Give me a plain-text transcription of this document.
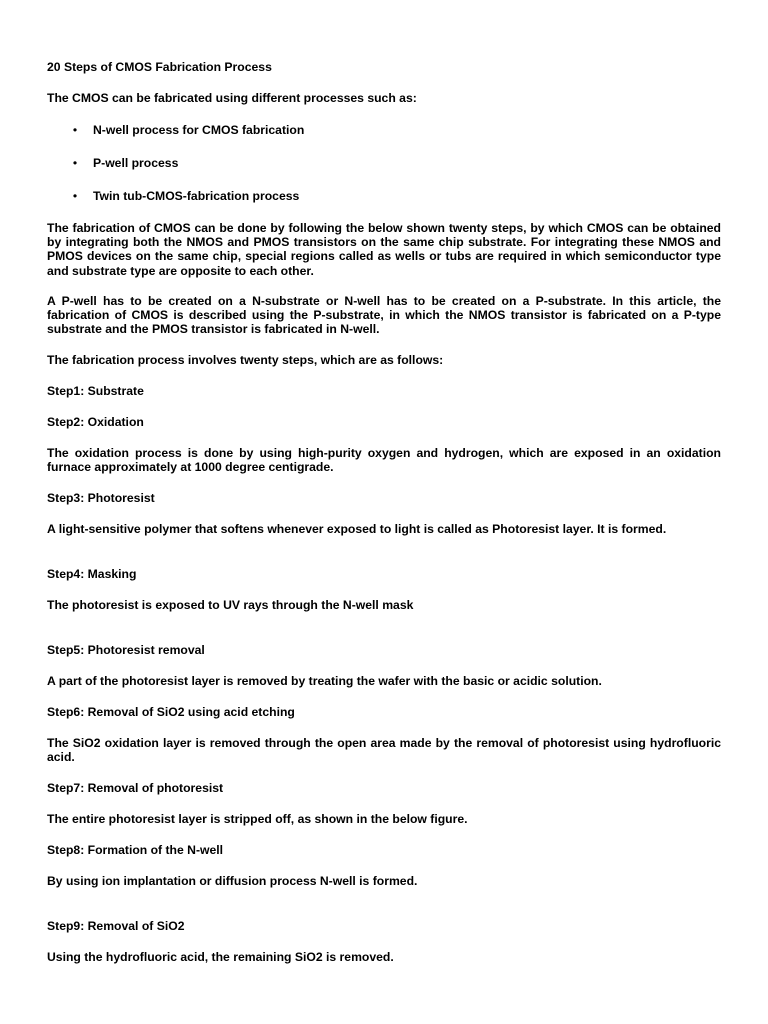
20 Steps of CMOS Fabrication Process

The CMOS can be fabricated using different processes such as:

• N-well process for CMOS fabrication
• P-well process
• Twin tub-CMOS-fabrication process

The fabrication of CMOS can be done by following the below shown twenty steps, by which CMOS can be obtained by integrating both the NMOS and PMOS transistors on the same chip substrate. For integrating these NMOS and PMOS devices on the same chip, special regions called as wells or tubs are required in which semiconductor type and substrate type are opposite to each other.

A P-well has to be created on a N-substrate or N-well has to be created on a P-substrate. In this article, the fabrication of CMOS is described using the P-substrate, in which the NMOS transistor is fabricated on a P-type substrate and the PMOS transistor is fabricated in N-well.

The fabrication process involves twenty steps, which are as follows:

Step1: Substrate

Step2: Oxidation

The oxidation process is done by using high-purity oxygen and hydrogen, which are exposed in an oxidation furnace approximately at 1000 degree centigrade.

Step3: Photoresist

A light-sensitive polymer that softens whenever exposed to light is called as Photoresist layer. It is formed.

Step4: Masking

The photoresist is exposed to UV rays through the N-well mask

Step5: Photoresist removal

A part of the photoresist layer is removed by treating the wafer with the basic or acidic solution.

Step6: Removal of SiO2 using acid etching

The SiO2 oxidation layer is removed through the open area made by the removal of photoresist using hydrofluoric acid.

Step7: Removal of photoresist

The entire photoresist layer is stripped off, as shown in the below figure.

Step8: Formation of the N-well

By using ion implantation or diffusion process N-well is formed.

Step9: Removal of SiO2

Using the hydrofluoric acid, the remaining SiO2 is removed.
